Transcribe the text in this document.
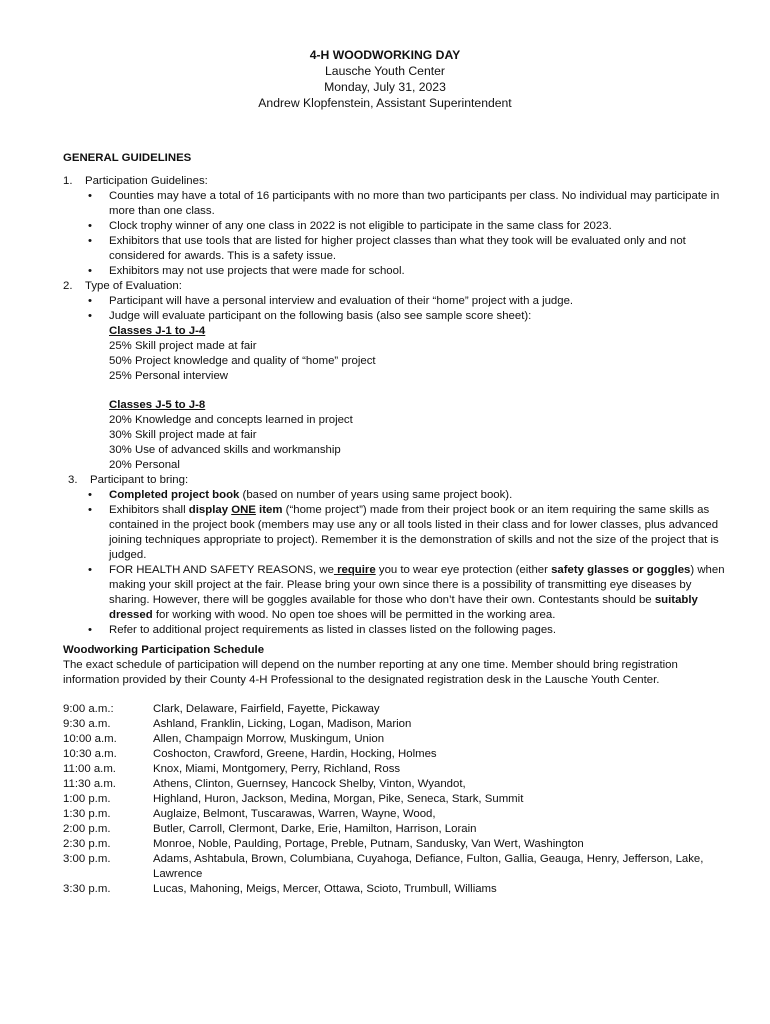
4-H WOODWORKING DAY
Lausche Youth Center
Monday, July 31, 2023
Andrew Klopfenstein, Assistant Superintendent
GENERAL GUIDELINES
1. Participation Guidelines:
• Counties may have a total of 16 participants with no more than two participants per class. No individual may participate in more than one class.
• Clock trophy winner of any one class in 2022 is not eligible to participate in the same class for 2023.
• Exhibitors that use tools that are listed for higher project classes than what they took will be evaluated only and not considered for awards. This is a safety issue.
• Exhibitors may not use projects that were made for school.
2. Type of Evaluation:
• Participant will have a personal interview and evaluation of their “home” project with a judge.
• Judge will evaluate participant on the following basis (also see sample score sheet):
Classes J-1 to J-4
25% Skill project made at fair
50% Project knowledge and quality of “home” project
25% Personal interview
Classes J-5 to J-8
20% Knowledge and concepts learned in project
30% Skill project made at fair
30% Use of advanced skills and workmanship
20% Personal
3. Participant to bring:
• Completed project book (based on number of years using same project book).
• Exhibitors shall display ONE item (“home project”) made from their project book or an item requiring the same skills as contained in the project book (members may use any or all tools listed in their class and for lower classes, plus advanced joining techniques appropriate to project). Remember it is the demonstration of skills and not the size of the project that is judged.
• FOR HEALTH AND SAFETY REASONS, we require you to wear eye protection (either safety glasses or goggles) when making your skill project at the fair. Please bring your own since there is a possibility of transmitting eye diseases by sharing. However, there will be goggles available for those who don’t have their own. Contestants should be suitably dressed for working with wood. No open toe shoes will be permitted in the working area.
• Refer to additional project requirements as listed in classes listed on the following pages.
Woodworking Participation Schedule
The exact schedule of participation will depend on the number reporting at any one time. Member should bring registration information provided by their County 4-H Professional to the designated registration desk in the Lausche Youth Center.
9:00 a.m.:	Clark, Delaware, Fairfield, Fayette, Pickaway
9:30 a.m.	Ashland, Franklin, Licking, Logan, Madison, Marion
10:00 a.m.	Allen, Champaign Morrow, Muskingum, Union
10:30 a.m.	Coshocton, Crawford, Greene, Hardin, Hocking, Holmes
11:00 a.m.	Knox, Miami, Montgomery, Perry, Richland, Ross
11:30 a.m.	Athens, Clinton, Guernsey, Hancock Shelby, Vinton, Wyandot,
1:00 p.m.	Highland, Huron, Jackson, Medina, Morgan, Pike, Seneca, Stark, Summit
1:30 p.m.	Auglaize, Belmont, Tuscarawas, Warren, Wayne, Wood,
2:00 p.m.	Butler, Carroll, Clermont, Darke, Erie, Hamilton, Harrison, Lorain
2:30 p.m.	Monroe, Noble, Paulding, Portage, Preble, Putnam, Sandusky, Van Wert, Washington
3:00 p.m.	Adams, Ashtabula, Brown, Columbiana, Cuyahoga, Defiance, Fulton, Gallia, Geauga, Henry, Jefferson, Lake, Lawrence
3:30 p.m.	Lucas, Mahoning, Meigs, Mercer, Ottawa, Scioto, Trumbull, Williams
